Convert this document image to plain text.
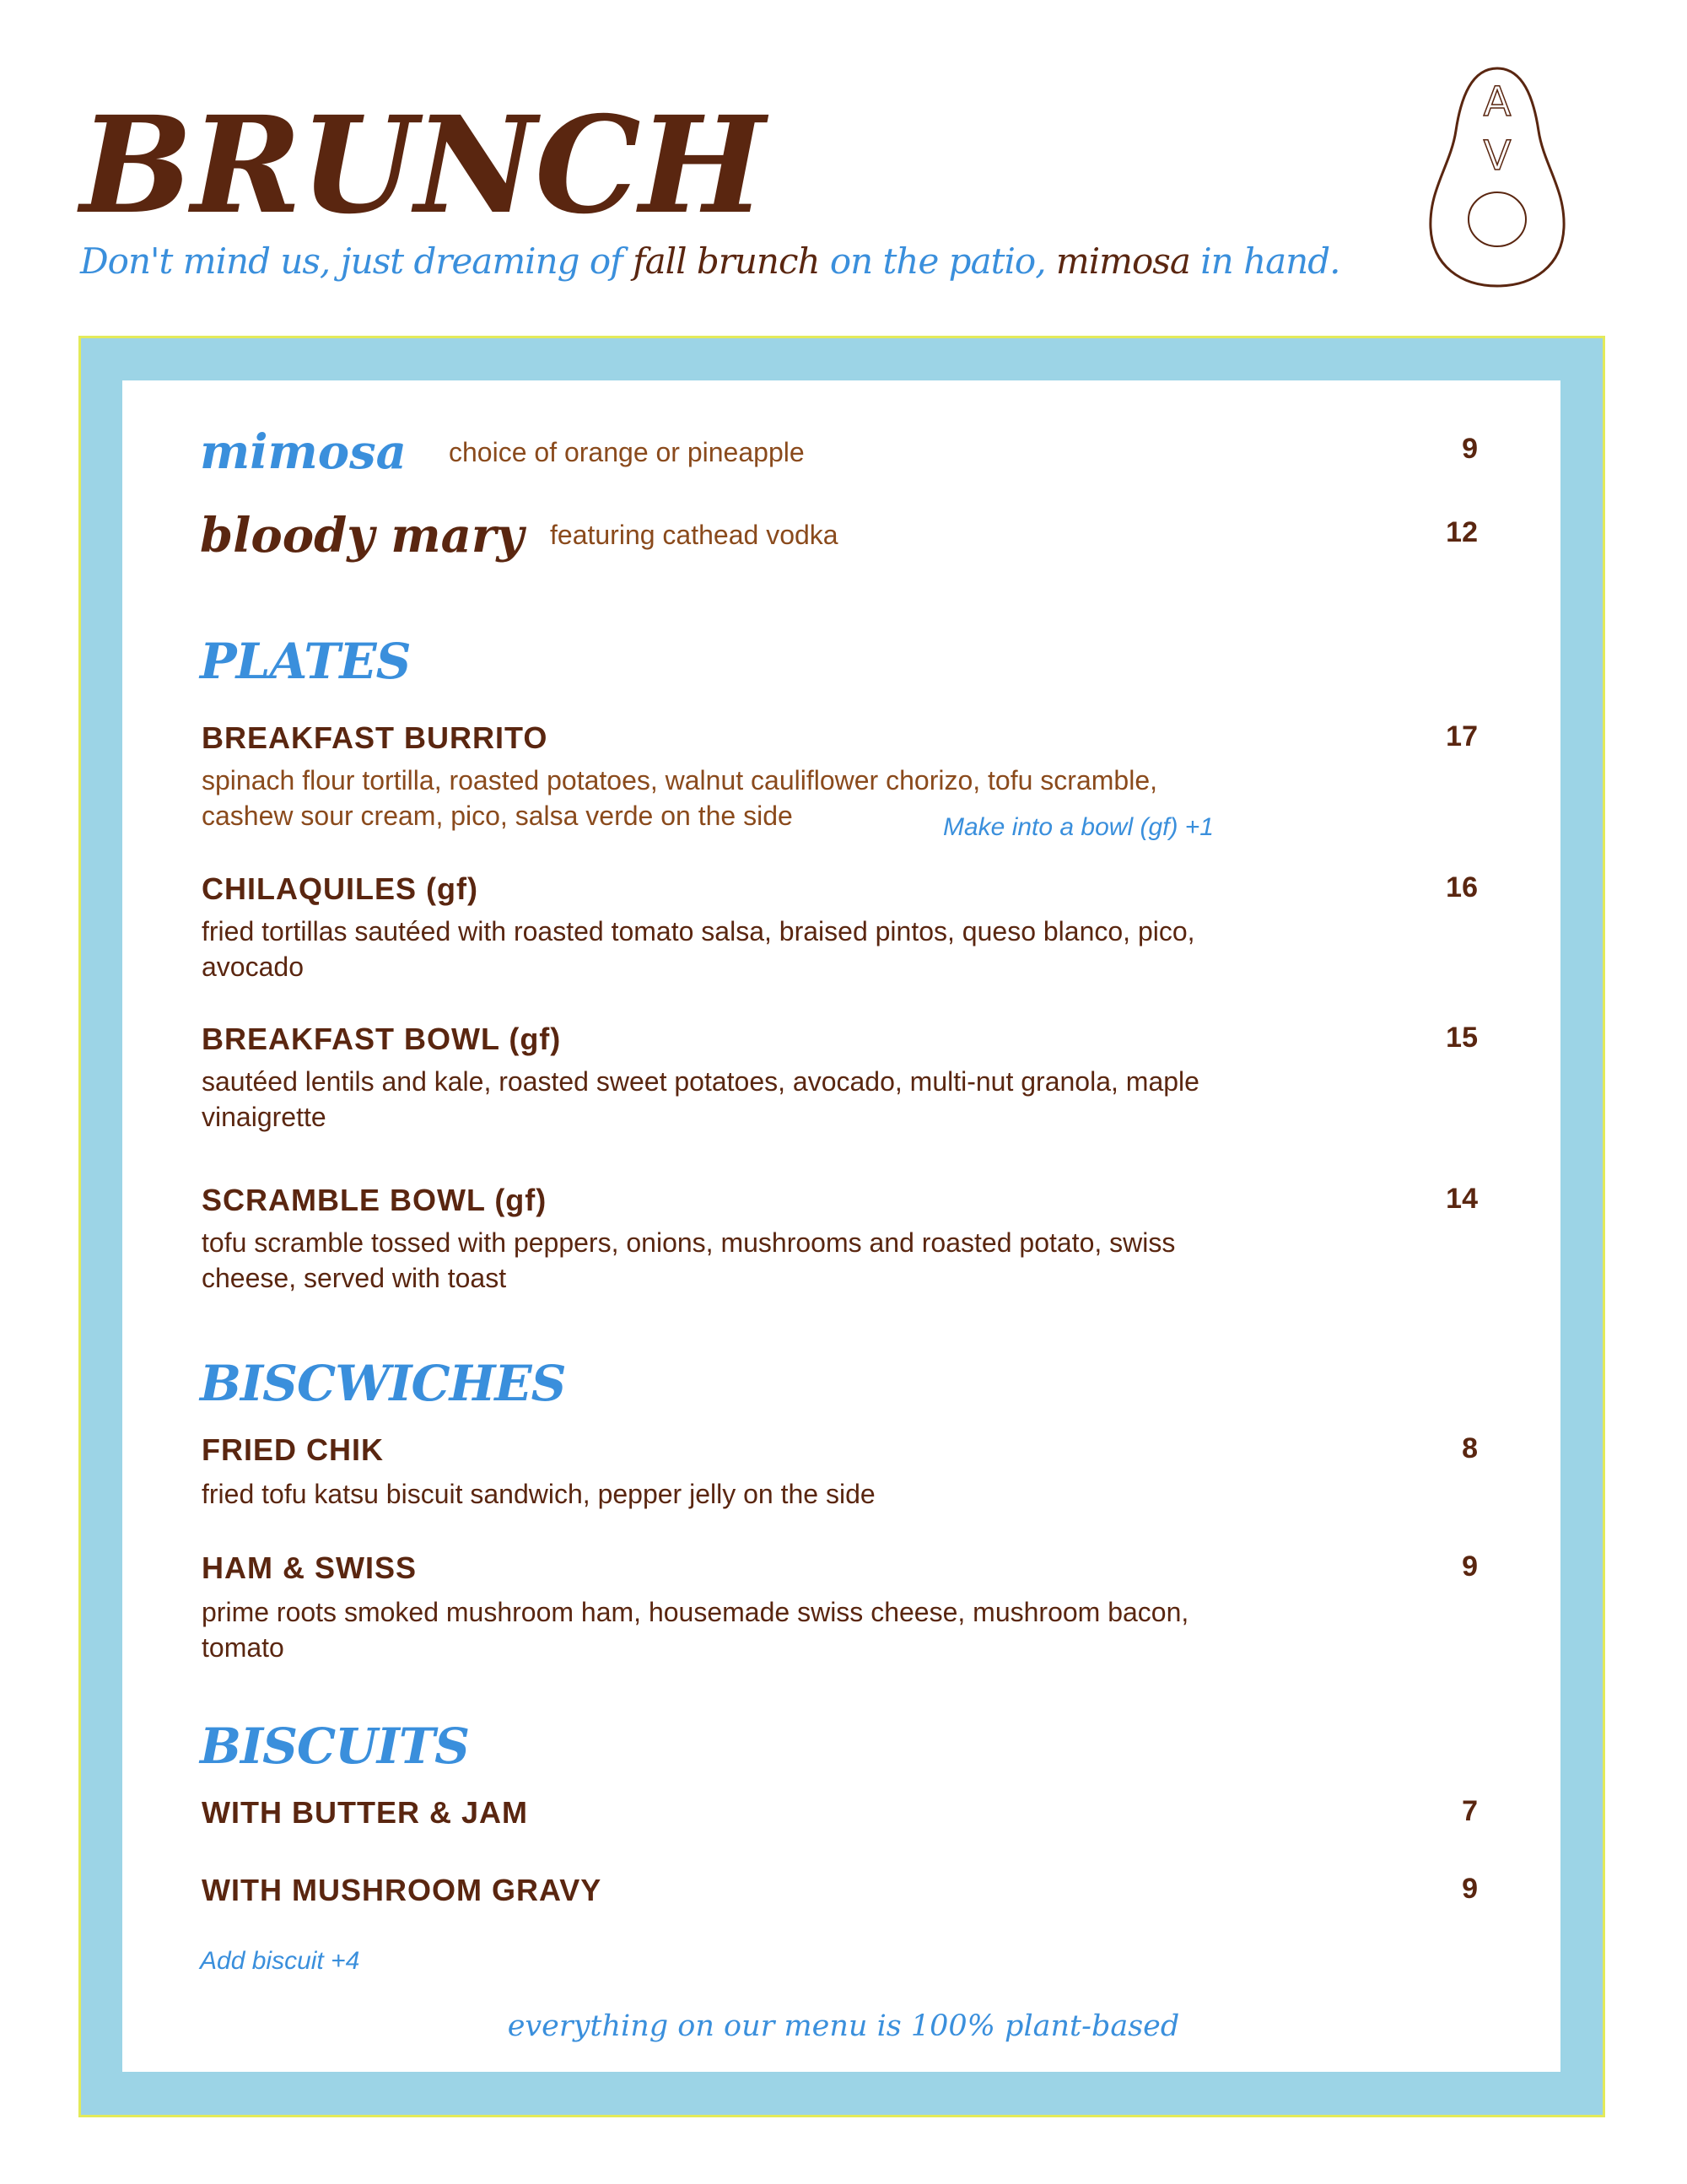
BRUNCH
Don't mind us, just dreaming of fall brunch on the patio, mimosa in hand.
A
V
mimosa choice of orange or pineapple	9
bloody mary featuring cathead vodka	12
PLATES
BREAKFAST BURRITO	17
spinach flour tortilla, roasted potatoes, walnut cauliflower chorizo, tofu scramble, cashew sour cream, pico, salsa verde on the side	Make into a bowl (gf) +1
CHILAQUILES (gf)	16
fried tortillas sautéed with roasted tomato salsa, braised pintos, queso blanco, pico, avocado
BREAKFAST BOWL (gf)	15
sautéed lentils and kale, roasted sweet potatoes, avocado, multi-nut granola, maple vinaigrette
SCRAMBLE BOWL (gf)	14
tofu scramble tossed with peppers, onions, mushrooms and roasted potato, swiss cheese, served with toast
BISCWICHES
FRIED CHIK	8
fried tofu katsu biscuit sandwich, pepper jelly on the side
HAM & SWISS	9
prime roots smoked mushroom ham, housemade swiss cheese, mushroom bacon, tomato
BISCUITS
WITH BUTTER & JAM	7
WITH MUSHROOM GRAVY	9
Add biscuit +4
everything on our menu is 100% plant-based
